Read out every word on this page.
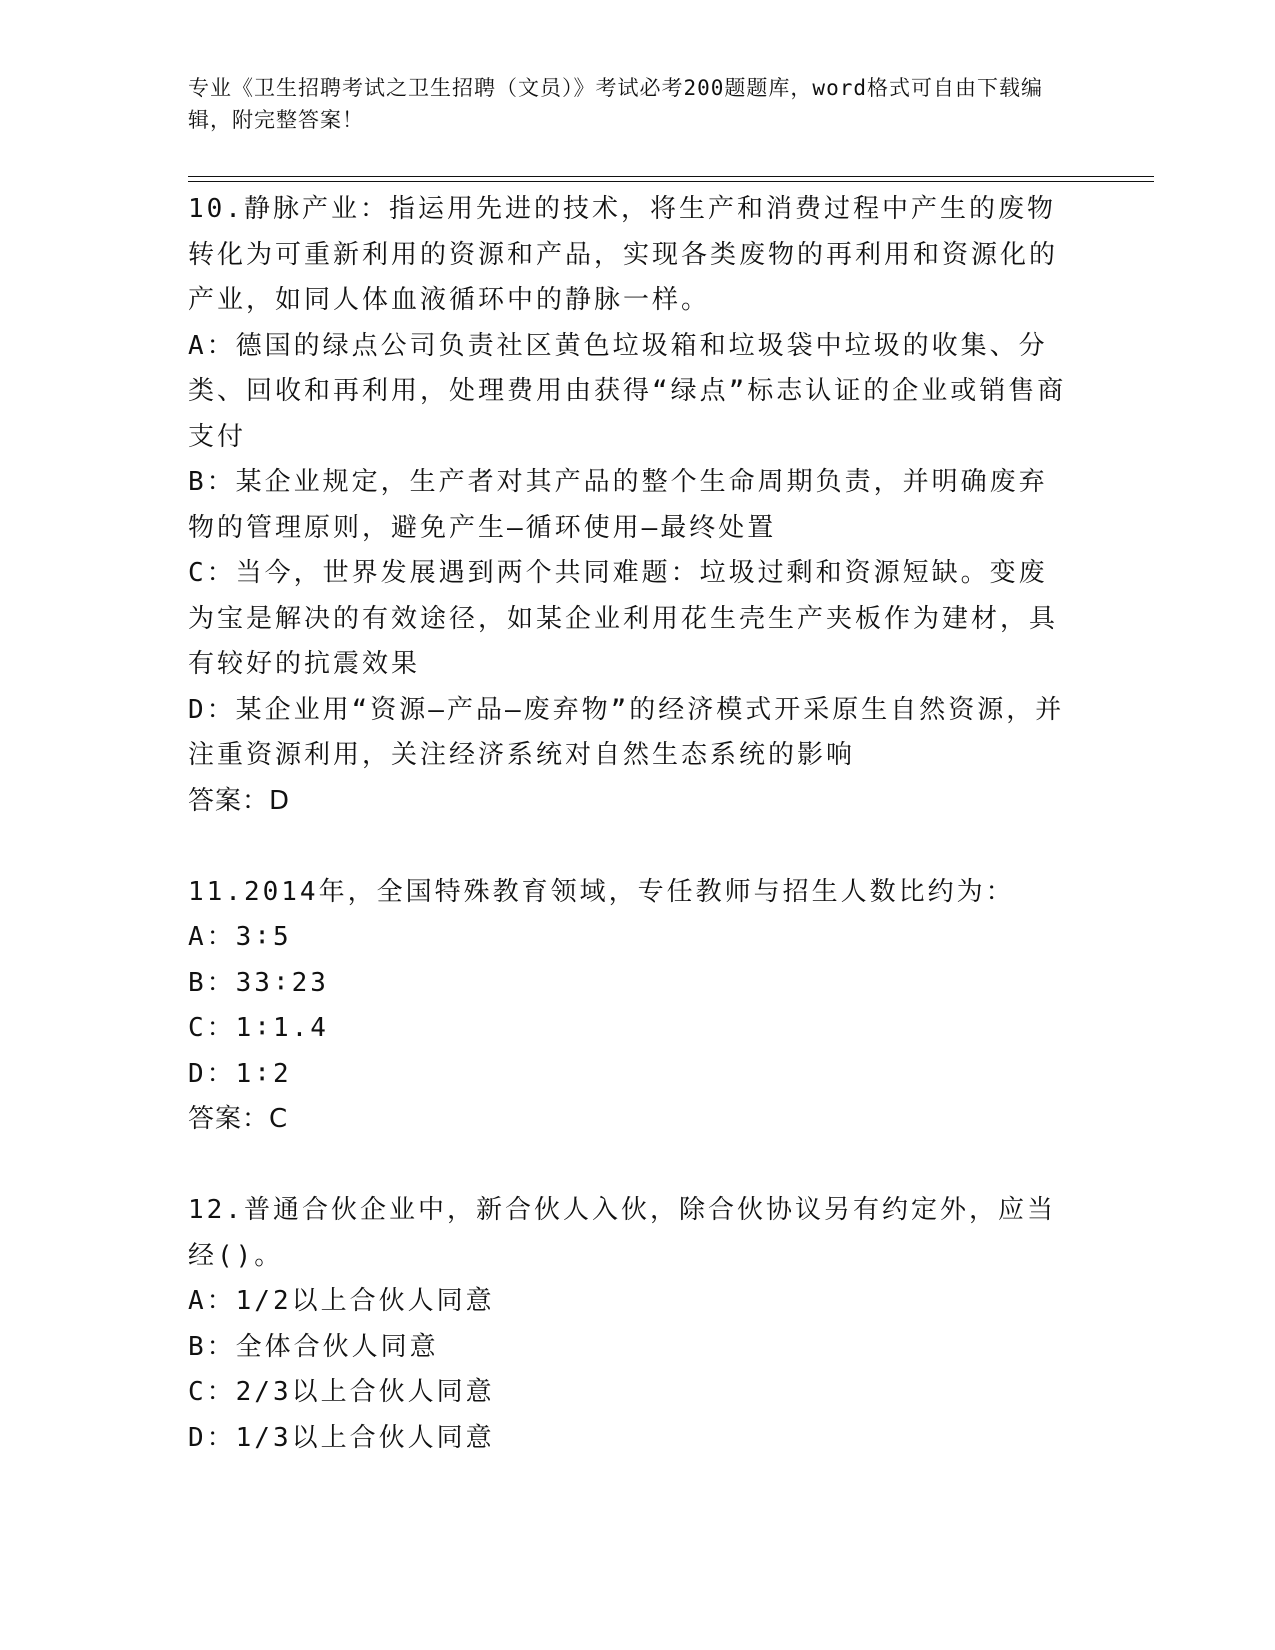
专业《卫生招聘考试之卫生招聘（文员）》考试必考200题题库，word格式可自由下载编辑，附完整答案！

10.静脉产业：指运用先进的技术，将生产和消费过程中产生的废物转化为可重新利用的资源和产品，实现各类废物的再利用和资源化的产业，如同人体血液循环中的静脉一样。

A：德国的绿点公司负责社区黄色垃圾箱和垃圾袋中垃圾的收集、分类、回收和再利用，处理费用由获得“绿点”标志认证的企业或销售商支付

B：某企业规定，生产者对其产品的整个生命周期负责，并明确废弃物的管理原则，避免产生—循环使用—最终处置

C：当今，世界发展遇到两个共同难题：垃圾过剩和资源短缺。变废为宝是解决的有效途径，如某企业利用花生壳生产夹板作为建材，具有较好的抗震效果

D：某企业用“资源—产品—废弃物”的经济模式开采原生自然资源，并注重资源利用，关注经济系统对自然生态系统的影响

答案：D

11.2014年，全国特殊教育领域，专任教师与招生人数比约为：

A：3∶5

B：33∶23

C：1∶1.4

D：1∶2

答案：C

12.普通合伙企业中，新合伙人入伙，除合伙协议另有约定外，应当经()。

A：1/2以上合伙人同意

B：全体合伙人同意

C：2/3以上合伙人同意

D：1/3以上合伙人同意
